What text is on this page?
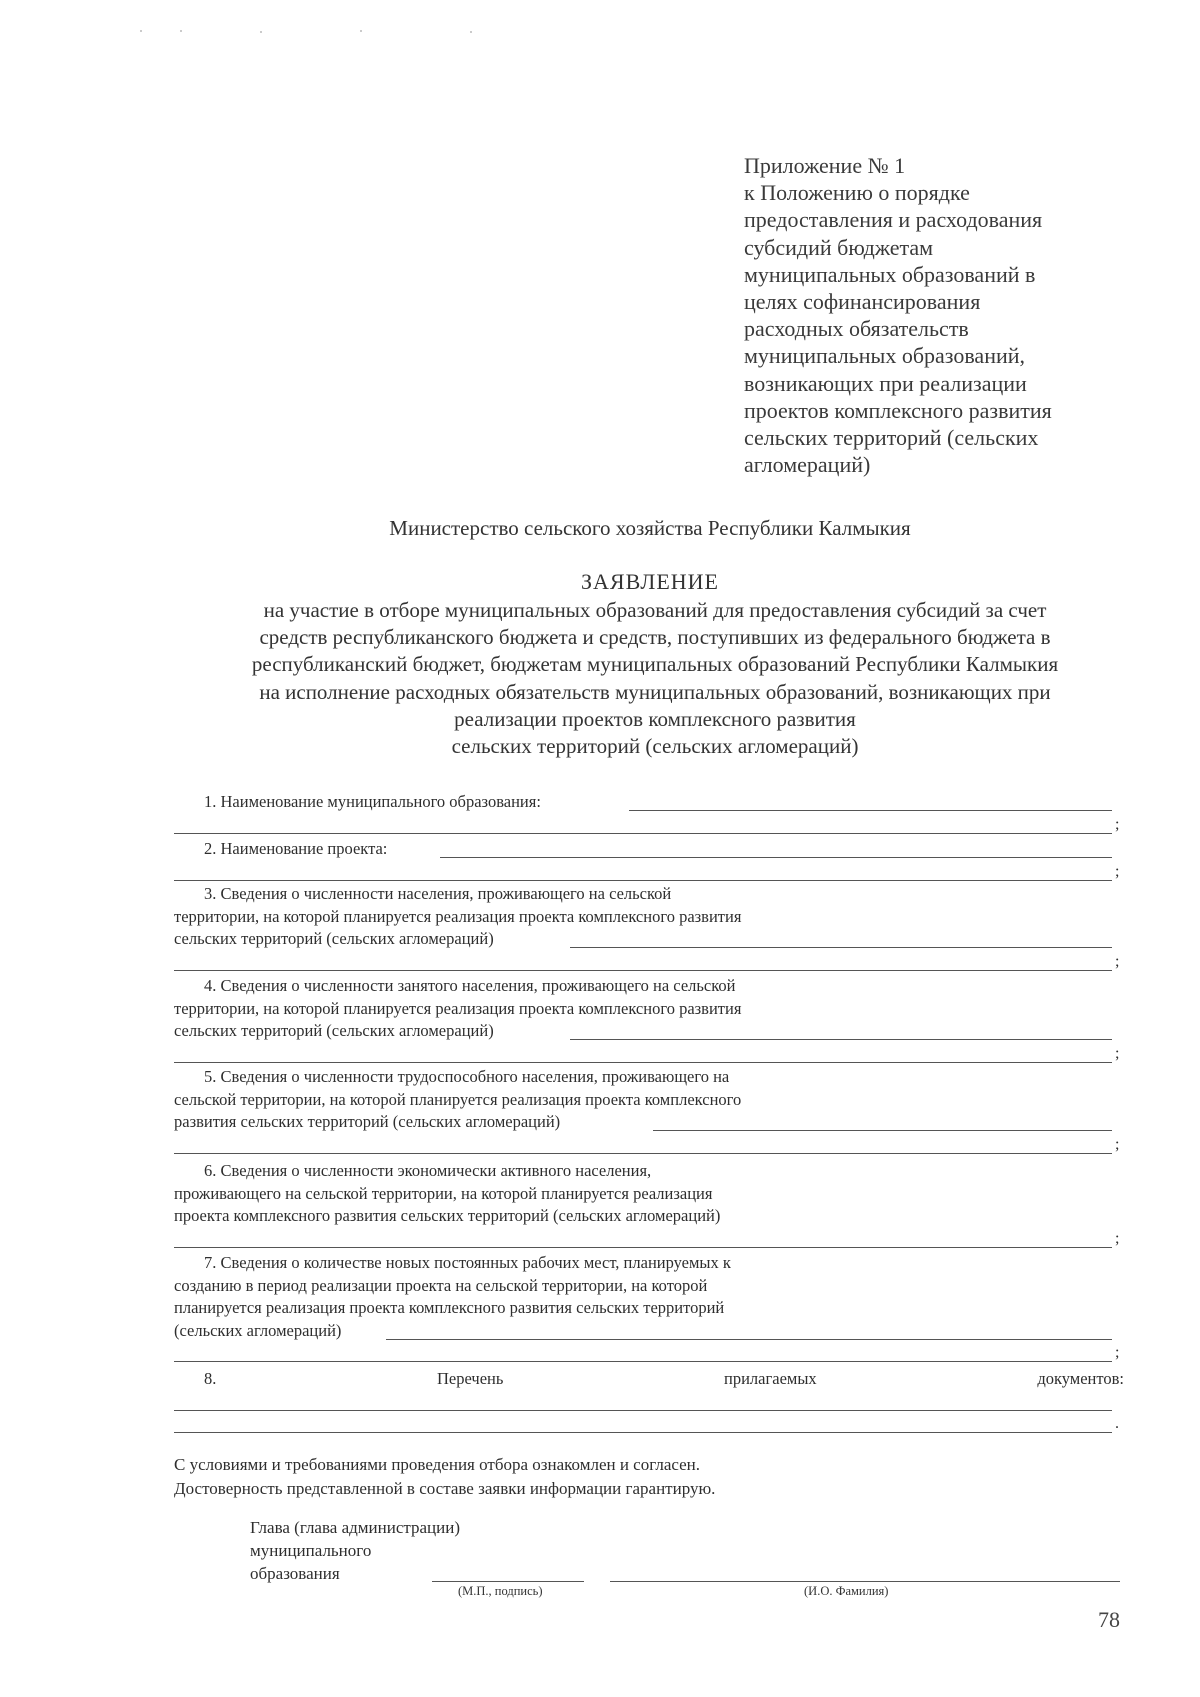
Приложение № 1
к Положению о порядке
предоставления и расходования
субсидий бюджетам
муниципальных образований в
целях софинансирования
расходных обязательств
муниципальных образований,
возникающих при реализации
проектов комплексного развития
сельских территорий (сельских
агломераций)
Министерство сельского хозяйства Республики Калмыкия
ЗАЯВЛЕНИЕ
на участие в отборе муниципальных образований для предоставления субсидий за счет
средств республиканского бюджета и средств, поступивших из федерального бюджета в
республиканский бюджет, бюджетам муниципальных образований Республики Калмыкия
на исполнение расходных обязательств муниципальных образований, возникающих при
реализации проектов комплексного развития
сельских территорий (сельских агломераций)
1. Наименование муниципального образования:
;
2. Наименование проекта:
;
3. Сведения о численности населения, проживающего на сельской
территории, на которой планируется реализация проекта комплексного развития
сельских территорий (сельских агломераций)
;
4. Сведения о численности занятого населения, проживающего на сельской
территории, на которой планируется реализация проекта комплексного развития
сельских территорий (сельских агломераций)
;
5. Сведения о численности трудоспособного населения, проживающего на
сельской территории, на которой планируется реализация проекта комплексного
развития сельских территорий (сельских агломераций)
;
6. Сведения о численности экономически активного населения,
проживающего на сельской территории, на которой планируется реализация
проекта комплексного развития сельских территорий (сельских агломераций)
;
7. Сведения о количестве новых постоянных рабочих мест, планируемых к
созданию в период реализации проекта на сельской территории, на которой
планируется реализация проекта комплексного развития сельских территорий
(сельских агломераций)
;
8.	Перечень	прилагаемых	документов:
.
С условиями и требованиями проведения отбора ознакомлен и согласен.
Достоверность представленной в составе заявки информации гарантирую.
Глава (глава администрации)
муниципального
образования
(М.П., подпись)	(И.О. Фамилия)
78
